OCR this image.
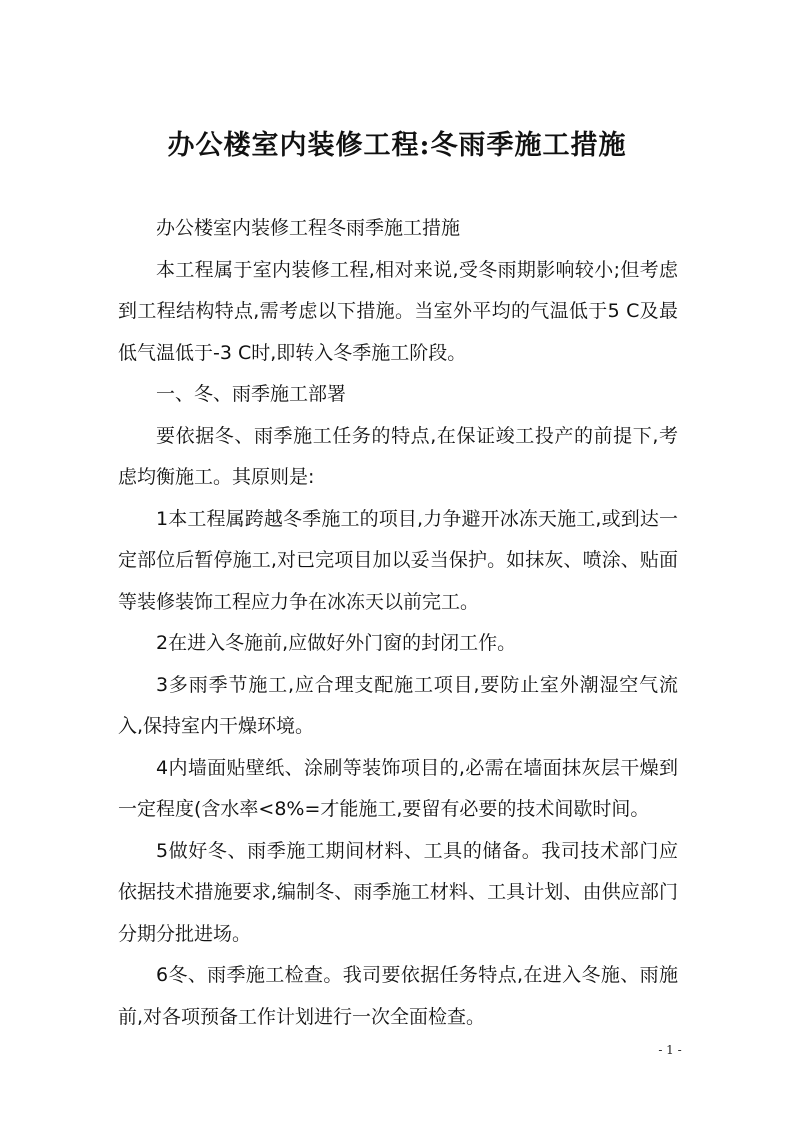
办公楼室内装修工程:冬雨季施工措施

办公楼室内装修工程冬雨季施工措施

本工程属于室内装修工程,相对来说,受冬雨期影响较小;但考虑到工程结构特点,需考虑以下措施。当室外平均的气温低于5 C及最低气温低于-3 C时,即转入冬季施工阶段。

一、冬、雨季施工部署

要依据冬、雨季施工任务的特点,在保证竣工投产的前提下,考虑均衡施工。其原则是:

1本工程属跨越冬季施工的项目,力争避开冰冻天施工,或到达一定部位后暂停施工,对已完项目加以妥当保护。如抹灰、喷涂、贴面等装修装饰工程应力争在冰冻天以前完工。

2在进入冬施前,应做好外门窗的封闭工作。

3多雨季节施工,应合理支配施工项目,要防止室外潮湿空气流入,保持室内干燥环境。

4内墙面贴壁纸、涂刷等装饰项目的,必需在墙面抹灰层干燥到一定程度(含水率<8%=才能施工,要留有必要的技术间歇时间。

5做好冬、雨季施工期间材料、工具的储备。我司技术部门应依据技术措施要求,编制冬、雨季施工材料、工具计划、由供应部门分期分批进场。

6冬、雨季施工检查。我司要依据任务特点,在进入冬施、雨施前,对各项预备工作计划进行一次全面检查。

- 1 -
